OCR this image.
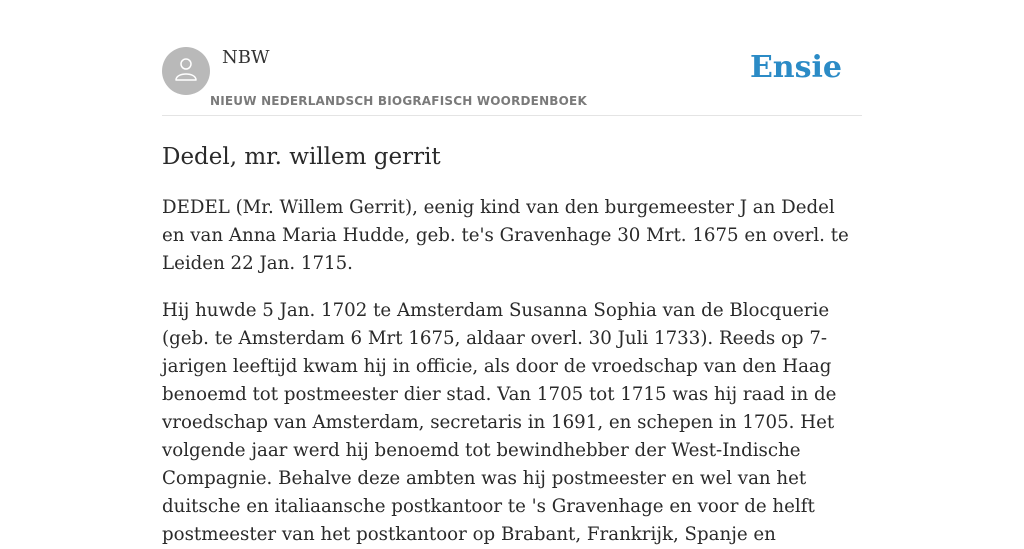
NBW
NIEUW NEDERLANDSCH BIOGRAFISCH WOORDENBOEK
Ensie
Dedel, mr. willem gerrit

DEDEL (Mr. Willem Gerrit), eenig kind van den burgemeester J an Dedel en van Anna Maria Hudde, geb. te's Gravenhage 30 Mrt. 1675 en overl. te Leiden 22 Jan. 1715.

Hij huwde 5 Jan. 1702 te Amsterdam Susanna Sophia van de Blocquerie (geb. te Amsterdam 6 Mrt 1675, aldaar overl. 30 Juli 1733). Reeds op 7-jarigen leeftijd kwam hij in officie, als door de vroedschap van den Haag benoemd tot postmeester dier stad. Van 1705 tot 1715 was hij raad in de vroedschap van Amsterdam, secretaris in 1691, en schepen in 1705. Het volgende jaar werd hij benoemd tot bewindhebber der West-Indische Compagnie. Behalve deze ambten was hij postmeester en wel van het duitsche en italiaansche postkantoor te 's Gravenhage en voor de helft postmeester van het postkantoor op Brabant, Frankrijk, Spanje en
